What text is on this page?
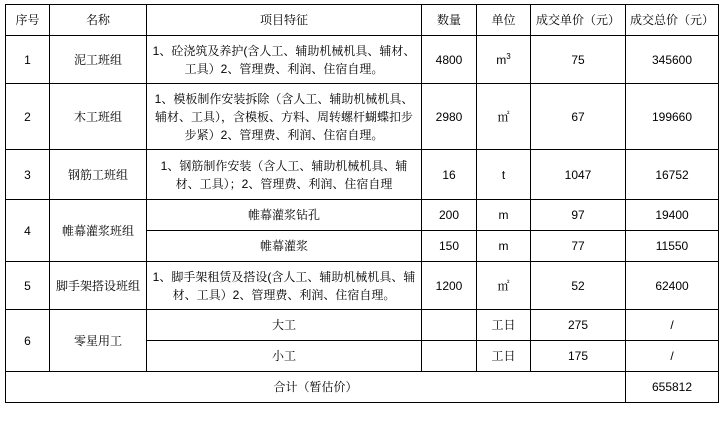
序号	名称	项目特征	数量	单位	成交单价（元）	成交总价（元）
1	泥工班组	1、砼浇筑及养护(含人工、辅助机械机具、辅材、工具）2、管理费、利润、住宿自理。	4800	$m^3$	75	345600
2	木工班组	1、模板制作安装拆除（含人工、辅助机械机具、辅材、工具），含模板、方料、周转螺杆蝴蝶扣步步紧）2、管理费、利润、住宿自理。	2980	㎡	67	199660
3	钢筋工班组	1、钢筋制作安装（含人工、辅助机械机具、辅材、工具）；2、管理费、利润、住宿自理	16	t	1047	16752
4	帷幕灌浆班组	帷幕灌浆钻孔	200	m	97	19400
		帷幕灌浆	150	m	77	11550
5	脚手架搭设班组	1、脚手架租赁及搭设(含人工、辅助机械机具、辅材、工具）2、管理费、利润、住宿自理。	1200	㎡	52	62400
6	零星用工	大工		工日	275	/
		小工		工日	175	/
合计（暂估价）						655812
